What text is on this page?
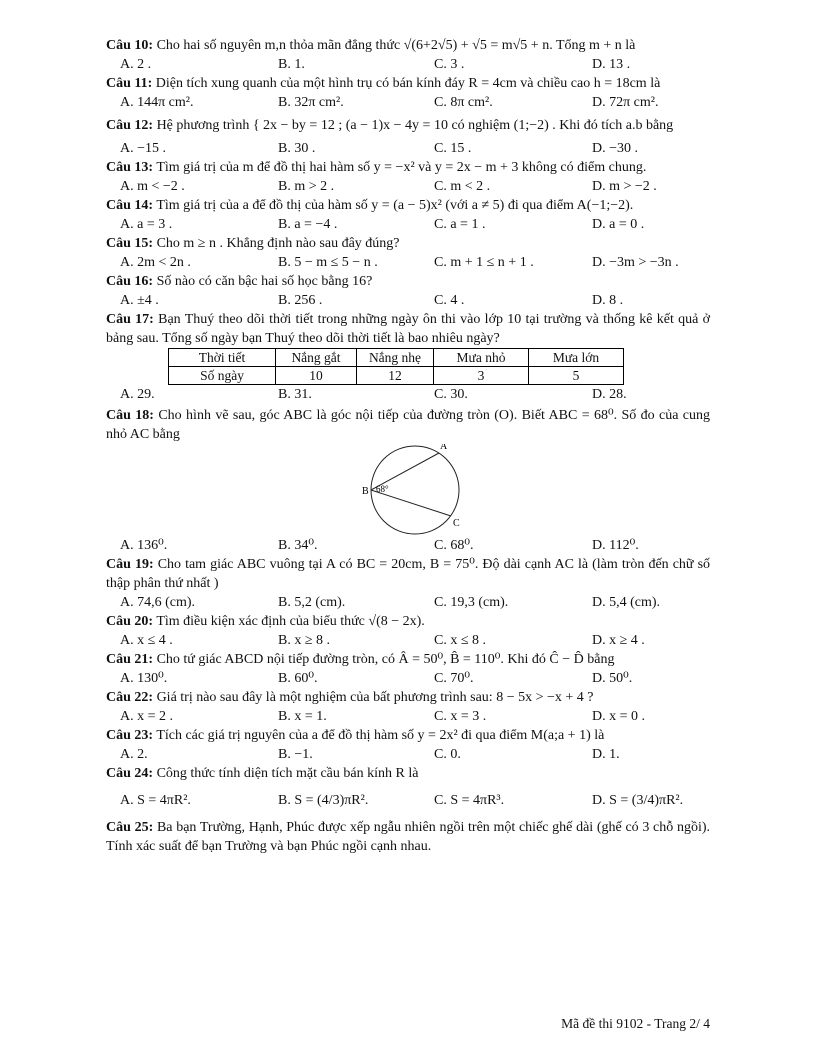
Câu 10: Cho hai số nguyên m,n thỏa mãn đẳng thức √(6+2√5) + √5 = m√5 + n. Tổng m + n là
A. 2 .	B. 1.	C. 3 .	D. 13 .
Câu 11: Diện tích xung quanh của một hình trụ có bán kính đáy R = 4cm và chiều cao h = 18cm là
A. 144π cm².	B. 32π cm².	C. 8π cm².	D. 72π cm².
Câu 12: Hệ phương trình { 2x − by = 12 ; (a − 1)x − 4y = 10 có nghiệm (1;−2) . Khi đó tích a.b bằng
A. −15 .	B. 30 .	C. 15 .	D. −30 .
Câu 13: Tìm giá trị của m để đồ thị hai hàm số y = −x² và y = 2x − m + 3 không có điểm chung.
A. m < −2 .	B. m > 2 .	C. m < 2 .	D. m > −2 .
Câu 14: Tìm giá trị của a để đồ thị của hàm số y = (a − 5)x² (với a ≠ 5) đi qua điểm A(−1;−2).
A. a = 3 .	B. a = −4 .	C. a = 1 .	D. a = 0 .
Câu 15: Cho m ≥ n . Khẳng định nào sau đây đúng?
A. 2m < 2n .	B. 5 − m ≤ 5 − n .	C. m + 1 ≤ n + 1 .	D. −3m > −3n .
Câu 16: Số nào có căn bậc hai số học bằng 16?
A. ±4 .	B. 256 .	C. 4 .	D. 8 .
Câu 17: Bạn Thuý theo dõi thời tiết trong những ngày ôn thi vào lớp 10 tại trường và thống kê kết quả ở bảng sau. Tổng số ngày bạn Thuý theo dõi thời tiết là bao nhiêu ngày?
Thời tiết	Nắng gắt	Nắng nhẹ	Mưa nhỏ	Mưa lớn
Số ngày	10	12	3	5
A. 29.	B. 31.	C. 30.	D. 28.
Câu 18: Cho hình vẽ sau, góc ABC là góc nội tiếp của đường tròn (O). Biết ABC = 68⁰. Số đo của cung nhỏ AC bằng
A
B
C
68°
A. 136⁰.	B. 34⁰.	C. 68⁰.	D. 112⁰.
Câu 19: Cho tam giác ABC vuông tại A có BC = 20cm, B = 75⁰. Độ dài cạnh AC là (làm tròn đến chữ số thập phân thứ nhất )
A. 74,6 (cm).	B. 5,2 (cm).	C. 19,3 (cm).	D. 5,4 (cm).
Câu 20: Tìm điều kiện xác định của biểu thức √(8 − 2x).
A. x ≤ 4 .	B. x ≥ 8 .	C. x ≤ 8 .	D. x ≥ 4 .
Câu 21: Cho tứ giác ABCD nội tiếp đường tròn, có Â = 50⁰, B̂ = 110⁰. Khi đó Ĉ − D̂ bằng
A. 130⁰.	B. 60⁰.	C. 70⁰.	D. 50⁰.
Câu 22: Giá trị nào sau đây là một nghiệm của bất phương trình sau: 8 − 5x > −x + 4 ?
A. x = 2 .	B. x = 1.	C. x = 3 .	D. x = 0 .
Câu 23: Tích các giá trị nguyên của a để đồ thị hàm số y = 2x² đi qua điểm M(a;a + 1) là
A. 2.	B. −1.	C. 0.	D. 1.
Câu 24: Công thức tính diện tích mặt cầu bán kính R là
A. S = 4πR².	B. S = (4/3)πR².	C. S = 4πR³.	D. S = (3/4)πR².
Câu 25: Ba bạn Trường, Hạnh, Phúc được xếp ngẫu nhiên ngồi trên một chiếc ghế dài (ghế có 3 chỗ ngồi). Tính xác suất để bạn Trường và bạn Phúc ngồi cạnh nhau.
Mã đề thi 9102 - Trang 2/ 4
